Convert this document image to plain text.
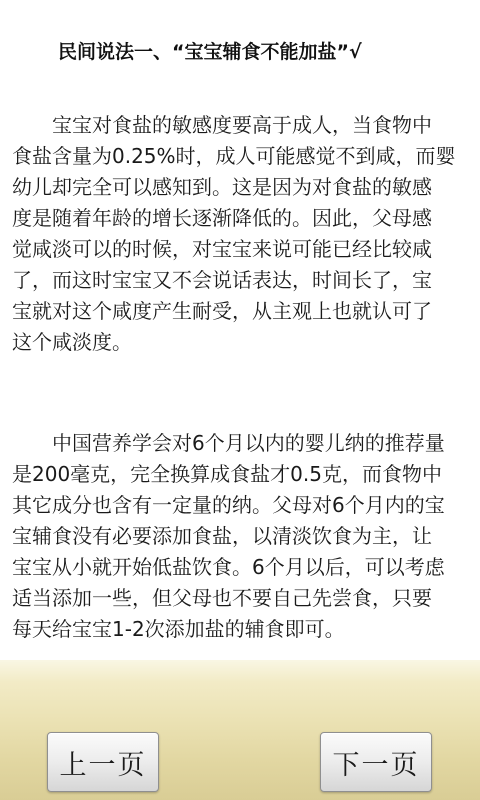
民间说法一、“宝宝辅食不能加盐”√
　　宝宝对食盐的敏感度要高于成人，当食物中
食盐含量为0.25%时，成人可能感觉不到咸，而婴
幼儿却完全可以感知到。这是因为对食盐的敏感
度是随着年龄的增长逐渐降低的。因此，父母感
觉咸淡可以的时候，对宝宝来说可能已经比较咸
了，而这时宝宝又不会说话表达，时间长了，宝
宝就对这个咸度产生耐受，从主观上也就认可了
这个咸淡度。
　　中国营养学会对6个月以内的婴儿纳的推荐量
是200毫克，完全换算成食盐才0.5克，而食物中
其它成分也含有一定量的纳。父母对6个月内的宝
宝辅食没有必要添加食盐，以清淡饮食为主，让
宝宝从小就开始低盐饮食。6个月以后，可以考虑
适当添加一些，但父母也不要自己先尝食，只要
每天给宝宝1-2次添加盐的辅食即可。
上一页	下一页
